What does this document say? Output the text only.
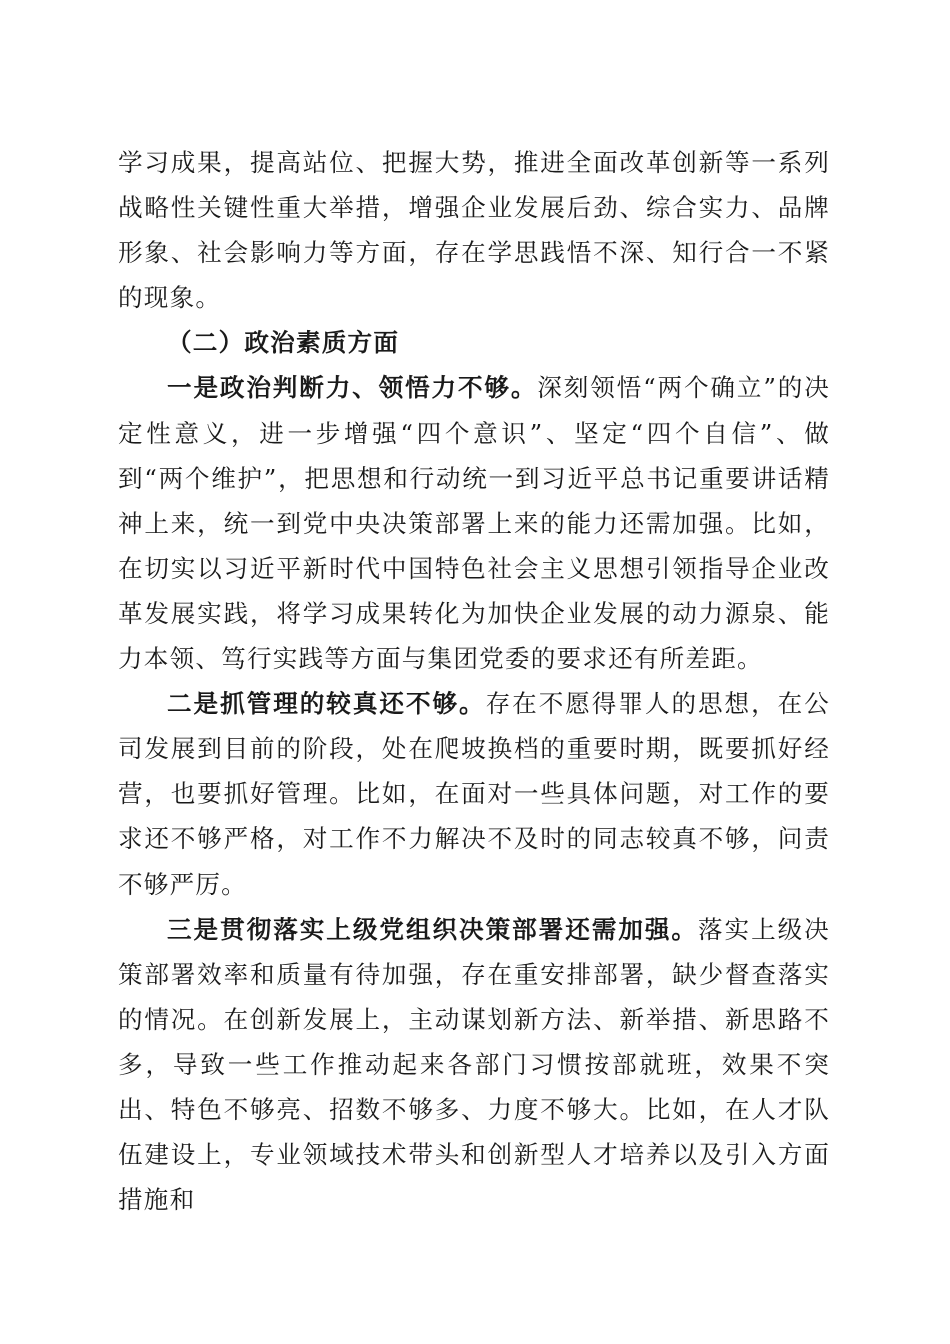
学习成果，提高站位、把握大势，推进全面改革创新等一系列战略性关键性重大举措，增强企业发展后劲、综合实力、品牌形象、社会影响力等方面，存在学思践悟不深、知行合一不紧的现象。

（二）政治素质方面

一是政治判断力、领悟力不够。深刻领悟“两个确立”的决定性意义，进一步增强“四个意识”、坚定“四个自信”、做到“两个维护”，把思想和行动统一到习近平总书记重要讲话精神上来，统一到党中央决策部署上来的能力还需加强。比如，在切实以习近平新时代中国特色社会主义思想引领指导企业改革发展实践，将学习成果转化为加快企业发展的动力源泉、能力本领、笃行实践等方面与集团党委的要求还有所差距。

二是抓管理的较真还不够。存在不愿得罪人的思想，在公司发展到目前的阶段，处在爬坡换档的重要时期，既要抓好经营，也要抓好管理。比如，在面对一些具体问题，对工作的要求还不够严格，对工作不力解决不及时的同志较真不够，问责不够严厉。

三是贯彻落实上级党组织决策部署还需加强。落实上级决策部署效率和质量有待加强，存在重安排部署，缺少督查落实的情况。在创新发展上，主动谋划新方法、新举措、新思路不多，导致一些工作推动起来各部门习惯按部就班，效果不突出、特色不够亮、招数不够多、力度不够大。比如，在人才队伍建设上，专业领域技术带头和创新型人才培养以及引入方面措施和
